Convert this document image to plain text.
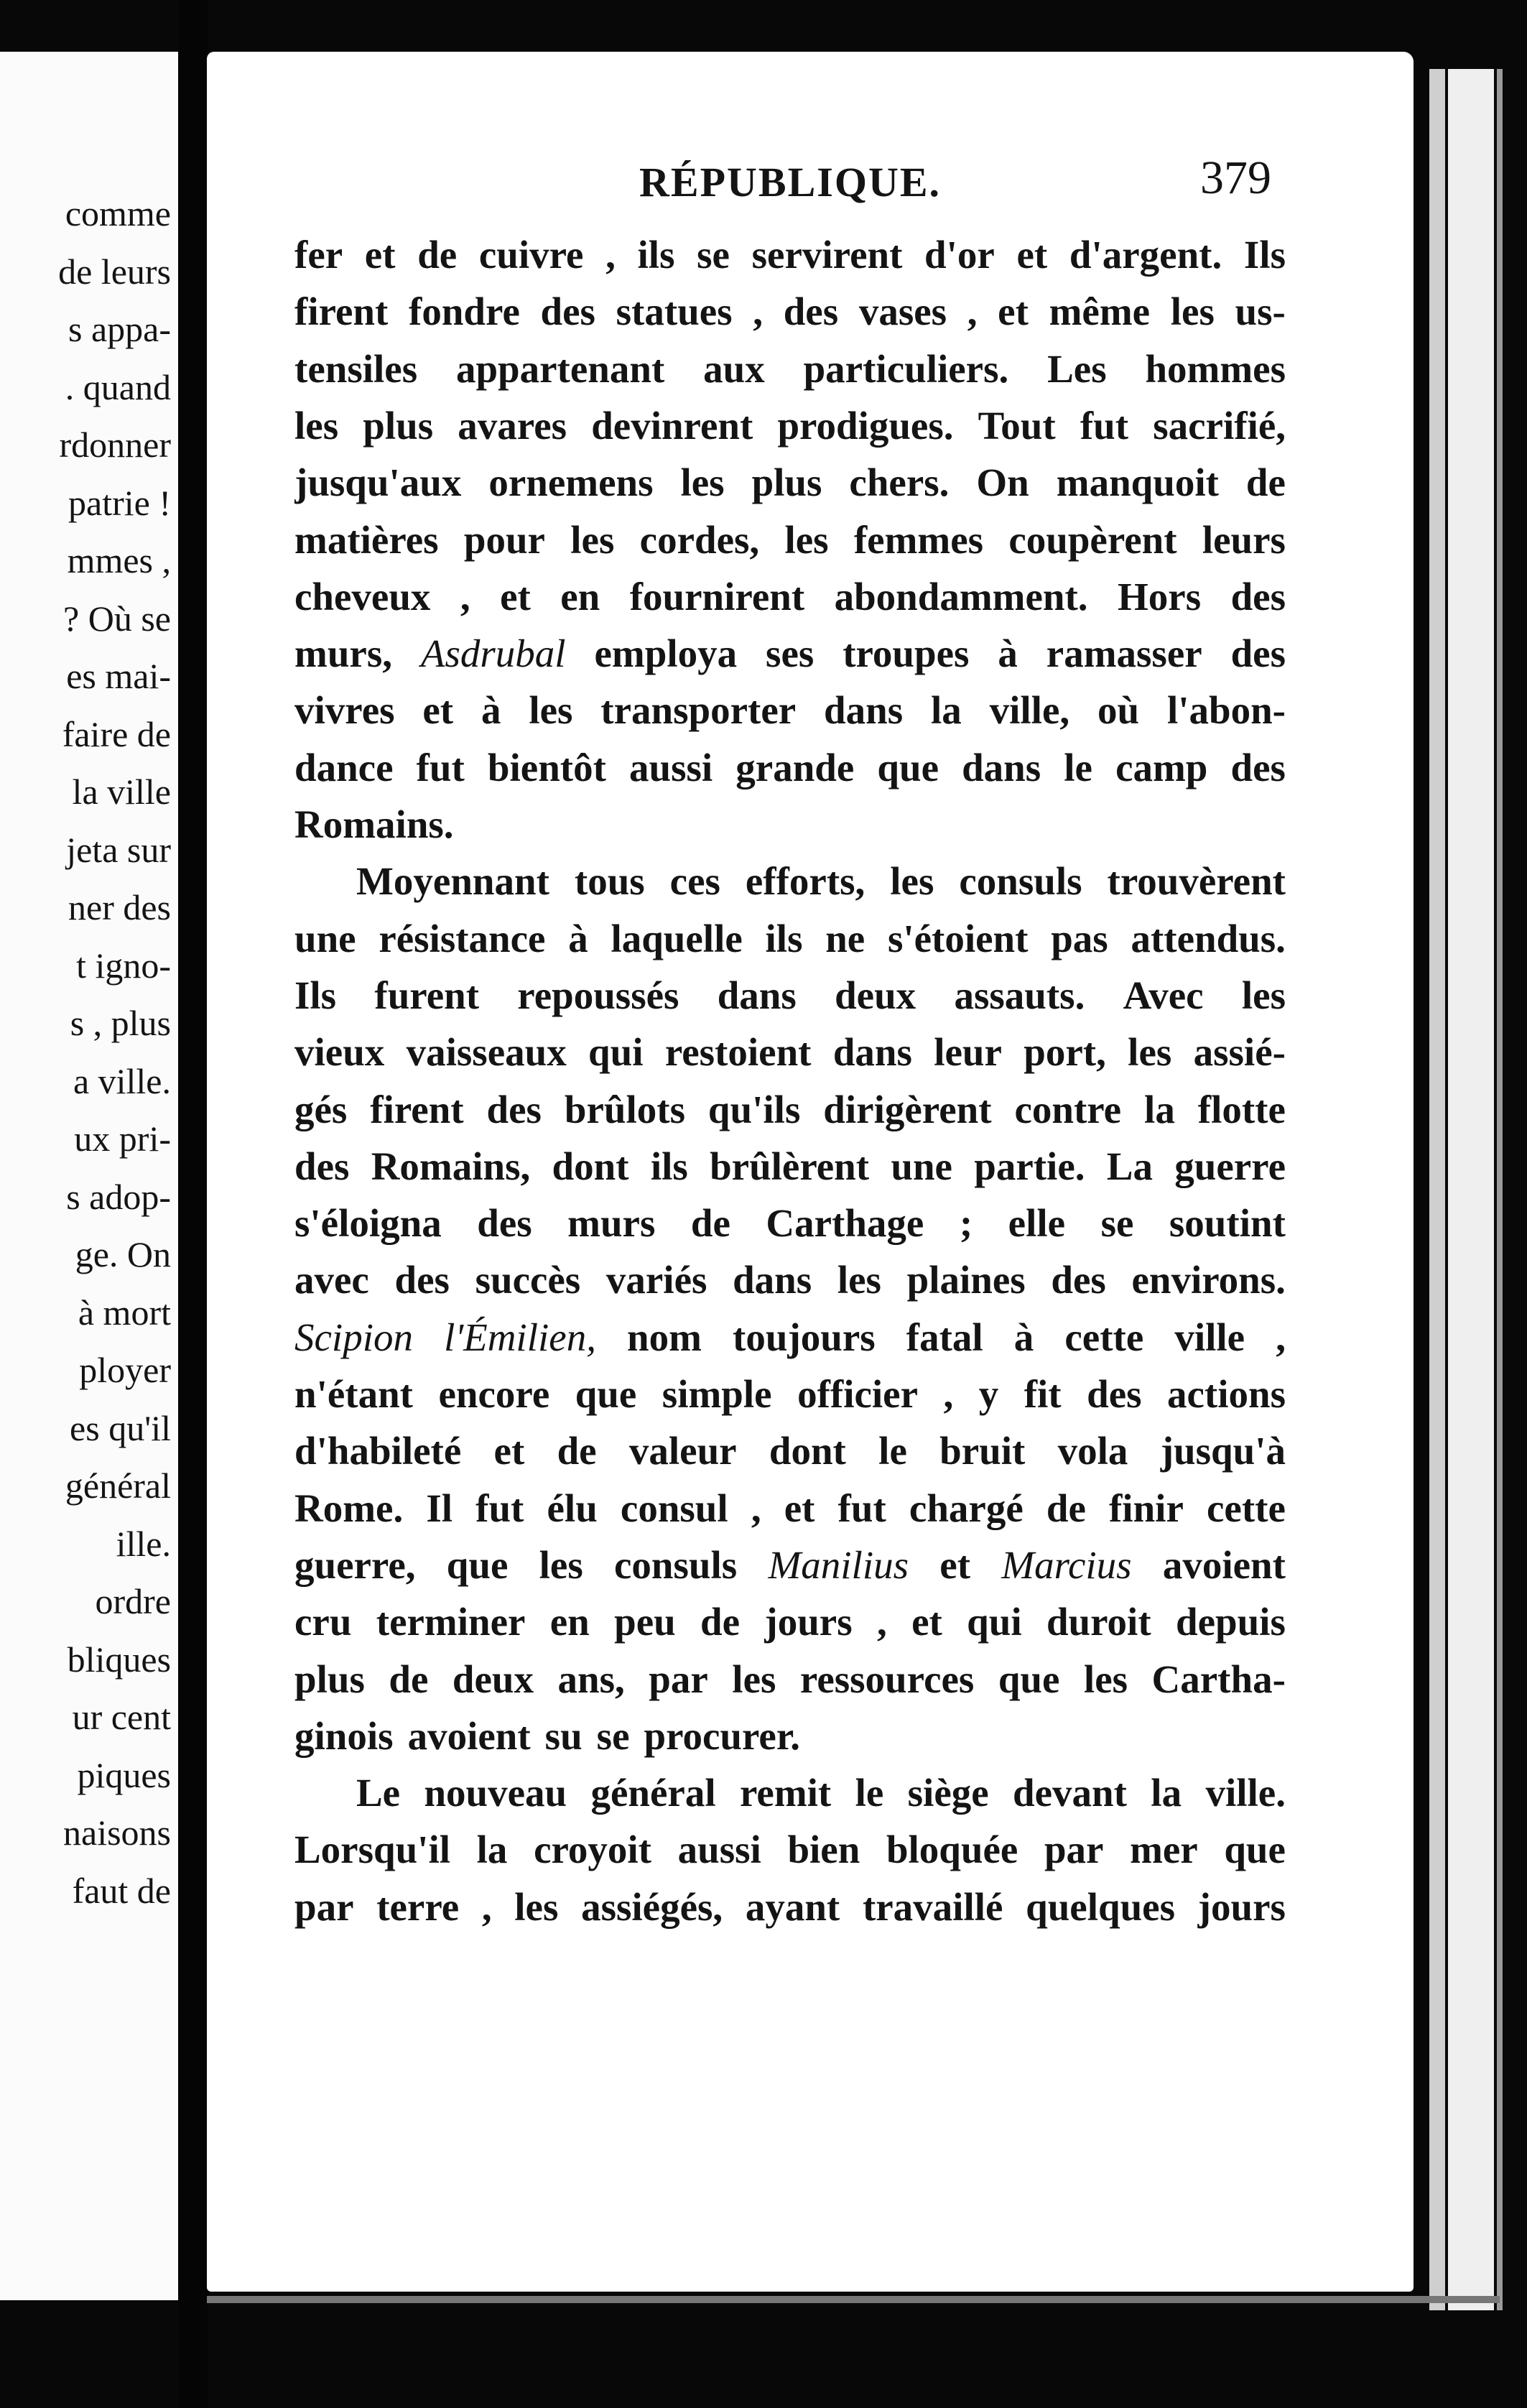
comme
de leurs
s appa-
. quand
rdonner
patrie !
mmes ,
? Où se
es mai-
faire de
la ville
jeta sur
ner des
t igno-
s , plus
a ville.
ux pri-
s adop-
ge. On
à mort
ployer
es qu'il
général
ille.
ordre
bliques
ur cent
piques
naisons
faut de
RÉPUBLIQUE.	379
fer et de cuivre , ils se servirent d'or et d'argent. Ils
firent fondre des statues , des vases , et même les us-
tensiles appartenant aux particuliers. Les hommes
les plus avares devinrent prodigues. Tout fut sacrifié,
jusqu'aux ornemens les plus chers. On manquoit de
matières pour les cordes, les femmes coupèrent leurs
cheveux , et en fournirent abondamment. Hors des
murs, Asdrubal employa ses troupes à ramasser des
vivres et à les transporter dans la ville, où l'abon-
dance fut bientôt aussi grande que dans le camp des
Romains.
Moyennant tous ces efforts, les consuls trouvèrent
une résistance à laquelle ils ne s'étoient pas attendus.
Ils furent repoussés dans deux assauts. Avec les
vieux vaisseaux qui restoient dans leur port, les assié-
gés firent des brûlots qu'ils dirigèrent contre la flotte
des Romains, dont ils brûlèrent une partie. La guerre
s'éloigna des murs de Carthage ; elle se soutint
avec des succès variés dans les plaines des environs.
Scipion l'Émilien, nom toujours fatal à cette ville ,
n'étant encore que simple officier , y fit des actions
d'habileté et de valeur dont le bruit vola jusqu'à
Rome. Il fut élu consul , et fut chargé de finir cette
guerre, que les consuls Manilius et Marcius avoient
cru terminer en peu de jours , et qui duroit depuis
plus de deux ans, par les ressources que les Cartha-
ginois avoient su se procurer.
Le nouveau général remit le siège devant la ville.
Lorsqu'il la croyoit aussi bien bloquée par mer que
par terre , les assiégés, ayant travaillé quelques jours
